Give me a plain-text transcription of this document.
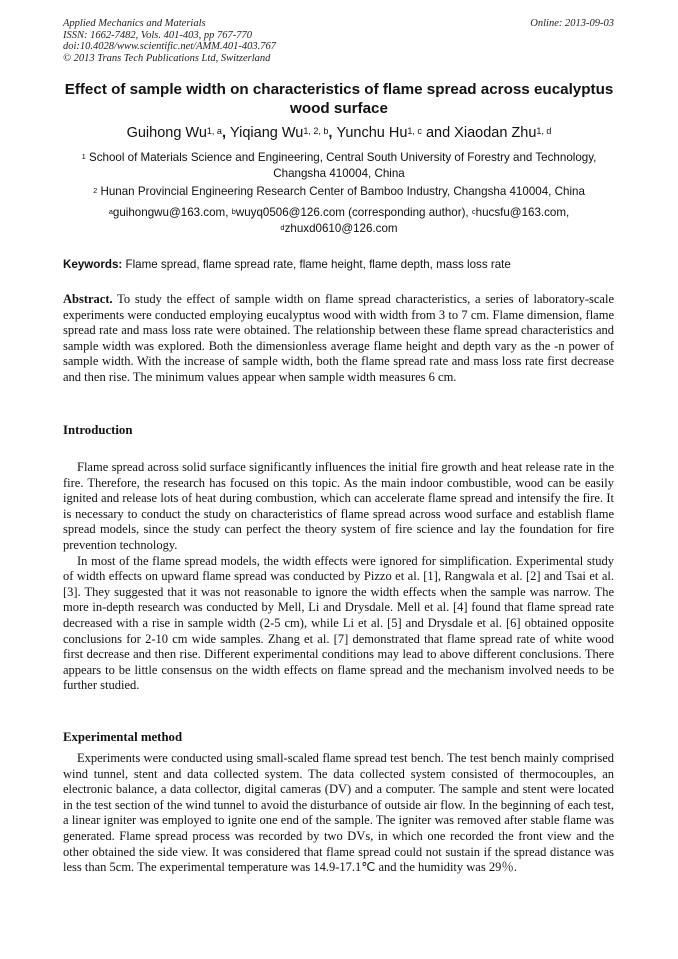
Applied Mechanics and Materials
ISSN: 1662-7482, Vols. 401-403, pp 767-770
doi:10.4028/www.scientific.net/AMM.401-403.767
© 2013 Trans Tech Publications Ltd, Switzerland
Online: 2013-09-03
Effect of sample width on characteristics of flame spread across eucalyptus wood surface
Guihong Wu$^{1, a}$, Yiqiang Wu$^{1, 2, b}$, Yunchu Hu$^{1, c}$ and Xiaodan Zhu$^{1, d}$
$^1$ School of Materials Science and Engineering, Central South University of Forestry and Technology, Changsha 410004, China
$^2$ Hunan Provincial Engineering Research Center of Bamboo Industry, Changsha 410004, China
$^a$guihongwu@163.com, $^b$wuyq0506@126.com (corresponding author), $^c$hucsfu@163.com, $^d$zhuxd0610@126.com
Keywords: Flame spread, flame spread rate, flame height, flame depth, mass loss rate

Abstract. To study the effect of sample width on flame spread characteristics, a series of laboratory-scale experiments were conducted employing eucalyptus wood with width from 3 to 7 cm. Flame dimension, flame spread rate and mass loss rate were obtained. The relationship between these flame spread characteristics and sample width was explored. Both the dimensionless average flame height and depth vary as the -n power of sample width. With the increase of sample width, both the flame spread rate and mass loss rate first decrease and then rise. The minimum values appear when sample width measures 6 cm.

Introduction

Flame spread across solid surface significantly influences the initial fire growth and heat release rate in the fire. Therefore, the research has focused on this topic. As the main indoor combustible, wood can be easily ignited and release lots of heat during combustion, which can accelerate flame spread and intensify the fire. It is necessary to conduct the study on characteristics of flame spread across wood surface and establish flame spread models, since the study can perfect the theory system of fire science and lay the foundation for fire prevention technology.

In most of the flame spread models, the width effects were ignored for simplification. Experimental study of width effects on upward flame spread was conducted by Pizzo et al. [1], Rangwala et al. [2] and Tsai et al. [3]. They suggested that it was not reasonable to ignore the width effects when the sample was narrow. The more in-depth research was conducted by Mell, Li and Drysdale. Mell et al. [4] found that flame spread rate decreased with a rise in sample width (2-5 cm), while Li et al. [5] and Drysdale et al. [6] obtained opposite conclusions for 2-10 cm wide samples. Zhang et al. [7] demonstrated that flame spread rate of white wood first decrease and then rise. Different experimental conditions may lead to above different conclusions. There appears to be little consensus on the width effects on flame spread and the mechanism involved needs to be further studied.

Experimental method

Experiments were conducted using small-scaled flame spread test bench. The test bench mainly comprised wind tunnel, stent and data collected system. The data collected system consisted of thermocouples, an electronic balance, a data collector, digital cameras (DV) and a computer. The sample and stent were located in the test section of the wind tunnel to avoid the disturbance of outside air flow. In the beginning of each test, a linear igniter was employed to ignite one end of the sample. The igniter was removed after stable flame was generated. Flame spread process was recorded by two DVs, in which one recorded the front view and the other obtained the side view. It was considered that flame spread could not sustain if the spread distance was less than 5cm. The experimental temperature was 14.9-17.1℃ and the humidity was 29％.
